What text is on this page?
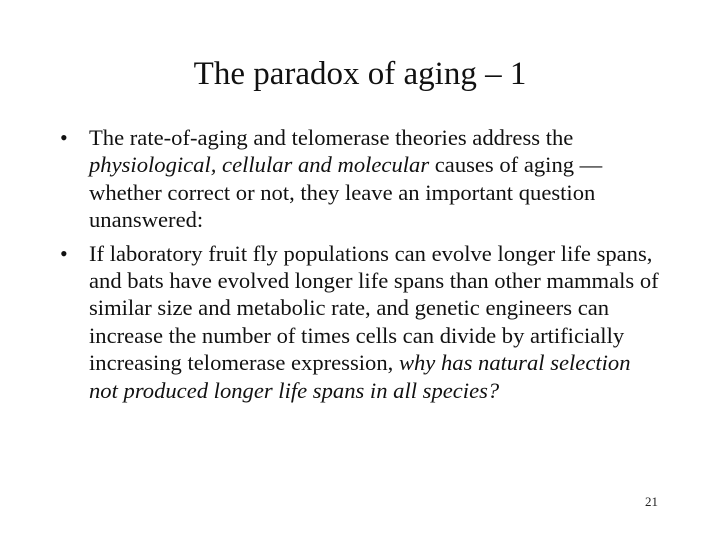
The paradox of aging – 1
• The rate-of-aging and telomerase theories address the physiological, cellular and molecular causes of aging — whether correct or not, they leave an important question unanswered:
• If laboratory fruit fly populations can evolve longer life spans, and bats have evolved longer life spans than other mammals of similar size and metabolic rate, and genetic engineers can increase the number of times cells can divide by artificially increasing telomerase expression, why has natural selection not produced longer life spans in all species?
21
